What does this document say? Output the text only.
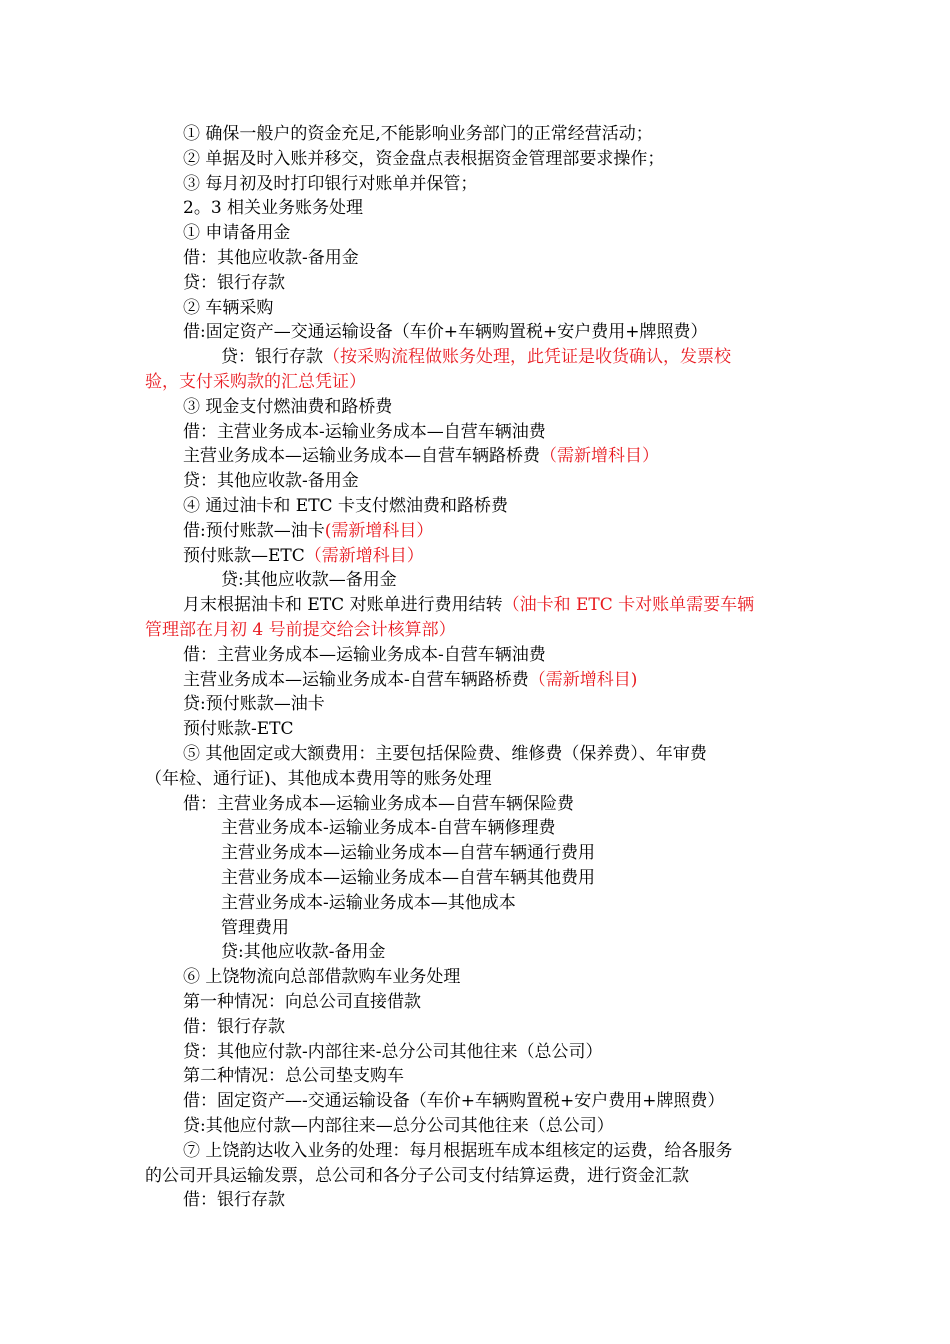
① 确保一般户的资金充足,不能影响业务部门的正常经营活动；
② 单据及时入账并移交，资金盘点表根据资金管理部要求操作；
③ 每月初及时打印银行对账单并保管；
2。3 相关业务账务处理
① 申请备用金
借：其他应收款-备用金
贷：银行存款
② 车辆采购
借:固定资产—交通运输设备（车价+车辆购置税+安户费用+牌照费）
贷：银行存款（按采购流程做账务处理，此凭证是收货确认，发票校
验，支付采购款的汇总凭证）
③ 现金支付燃油费和路桥费
借：主营业务成本-运输业务成本—自营车辆油费
主营业务成本—运输业务成本—自营车辆路桥费（需新增科目）
贷：其他应收款-备用金
④ 通过油卡和 ETC 卡支付燃油费和路桥费
借:预付账款—油卡(需新增科目）
预付账款—ETC（需新增科目）
贷:其他应收款—备用金
月末根据油卡和 ETC 对账单进行费用结转（油卡和 ETC 卡对账单需要车辆
管理部在月初 4 号前提交给会计核算部）
借：主营业务成本—运输业务成本-自营车辆油费
主营业务成本—运输业务成本-自营车辆路桥费（需新增科目)
贷:预付账款—油卡
预付账款-ETC
⑤ 其他固定或大额费用：主要包括保险费、维修费（保养费）、年审费
（年检、通行证)、其他成本费用等的账务处理
借：主营业务成本—运输业务成本—自营车辆保险费
主营业务成本-运输业务成本-自营车辆修理费
主营业务成本—运输业务成本—自营车辆通行费用
主营业务成本—运输业务成本—自营车辆其他费用
主营业务成本-运输业务成本—其他成本
管理费用
贷:其他应收款-备用金
⑥ 上饶物流向总部借款购车业务处理
第一种情况：向总公司直接借款
借：银行存款
贷：其他应付款-内部往来-总分公司其他往来（总公司）
第二种情况：总公司垫支购车
借：固定资产—-交通运输设备（车价+车辆购置税+安户费用+牌照费）
贷:其他应付款—内部往来—总分公司其他往来（总公司）
⑦ 上饶韵达收入业务的处理：每月根据班车成本组核定的运费，给各服务
的公司开具运输发票，总公司和各分子公司支付结算运费，进行资金汇款
借：银行存款
